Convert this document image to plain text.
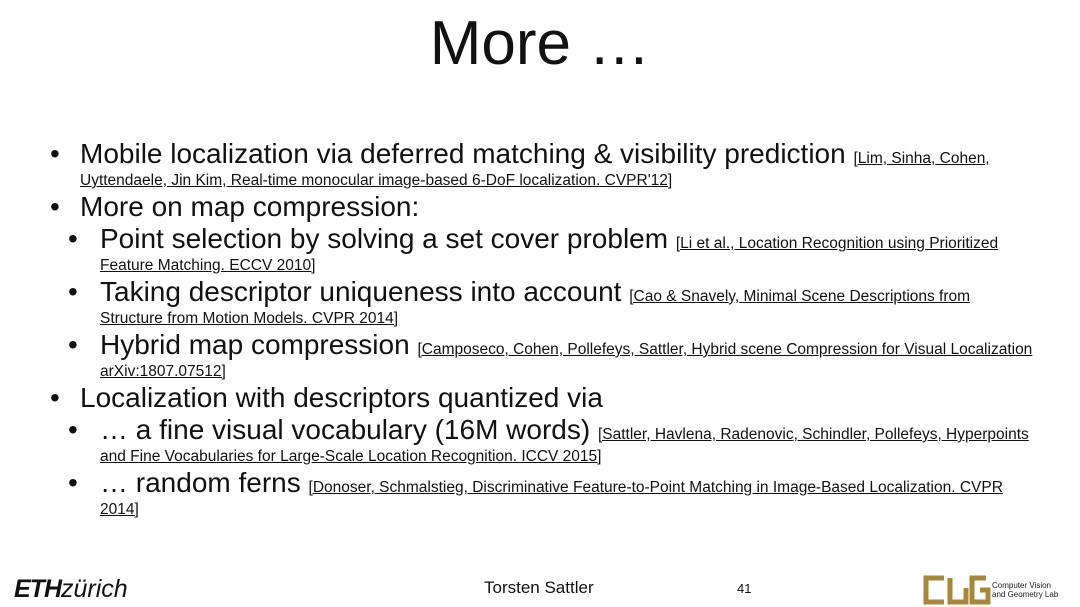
More …
• Mobile localization via deferred matching & visibility prediction [Lim, Sinha, Cohen, Uyttendaele, Jin Kim, Real-time monocular image-based 6-DoF localization. CVPR'12]
• More on map compression:
• Point selection by solving a set cover problem [Li et al., Location Recognition using Prioritized Feature Matching. ECCV 2010]
• Taking descriptor uniqueness into account [Cao & Snavely, Minimal Scene Descriptions from Structure from Motion Models. CVPR 2014]
• Hybrid map compression [Camposeco, Cohen, Pollefeys, Sattler, Hybrid scene Compression for Visual Localization arXiv:1807.07512]
• Localization with descriptors quantized via
• … a fine visual vocabulary (16M words) [Sattler, Havlena, Radenovic, Schindler, Pollefeys, Hyperpoints and Fine Vocabularies for Large-Scale Location Recognition. ICCV 2015]
• … random ferns [Donoser, Schmalstieg, Discriminative Feature-to-Point Matching in Image-Based Localization. CVPR 2014]
ETHzürich	Torsten Sattler	41	Computer Vision
and Geometry Lab
